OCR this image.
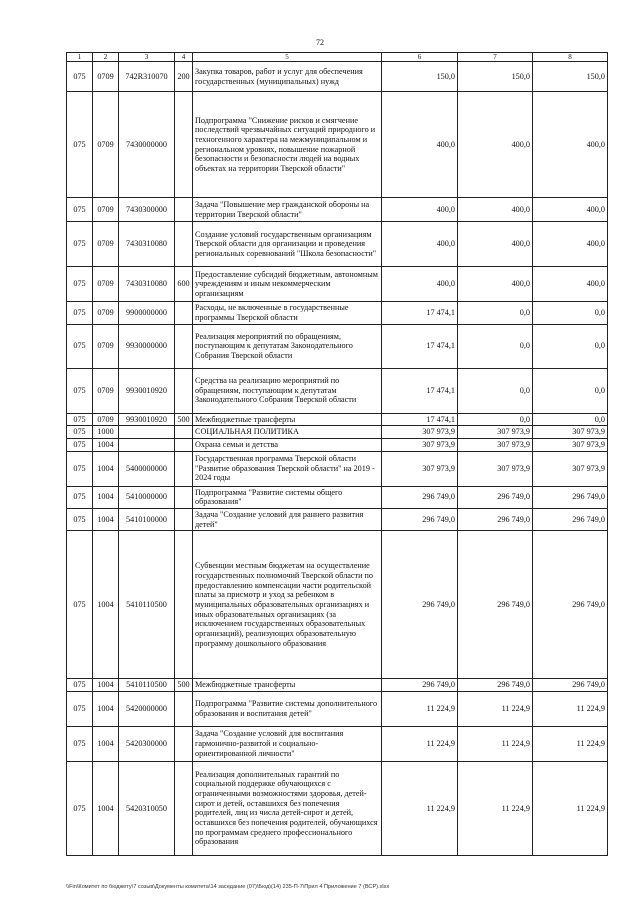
72
1	2	3	4	5	6	7	8
075	0709	742R310070	200	Закупка товаров, работ и услуг для обеспечения государственных (муниципальных) нужд	150,0	150,0	150,0
075	0709	7430000000		Подпрограмма "Снижение рисков и смягчение последствий чрезвычайных ситуаций природного и техногенного характера на межмуниципальном и региональном уровнях, повышение пожарной безопасности и безопасности людей на водных объектах на территории Тверской области"	400,0	400,0	400,0
075	0709	7430300000		Задача "Повышение мер гражданской обороны на территории Тверской области"	400,0	400,0	400,0
075	0709	7430310080		Создание условий государственным организациям Тверской области для организации и проведения региональных соревнований "Школа безопасности"	400,0	400,0	400,0
075	0709	7430310080	600	Предоставление субсидий бюджетным, автономным учреждениям и иным некоммерческим организациям	400,0	400,0	400,0
075	0709	9900000000		Расходы, не включенные в государственные программы Тверской области	17 474,1	0,0	0,0
075	0709	9930000000		Реализация мероприятий по обращениям, поступающим к депутатам Законодательного Собрания Тверской области	17 474,1	0,0	0,0
075	0709	9930010920		Средства на реализацию мероприятий по обращениям, поступающим к депутатам Законодательного Собрания Тверской области	17 474,1	0,0	0,0
075	0709	9930010920	500	Межбюджетные трансферты	17 474,1	0,0	0,0
075	1000			СОЦИАЛЬНАЯ ПОЛИТИКА	307 973,9	307 973,9	307 973,9
075	1004			Охрана семьи и детства	307 973,9	307 973,9	307 973,9
075	1004	5400000000		Государственная программа Тверской области "Развитие образования Тверской области" на 2019 - 2024 годы	307 973,9	307 973,9	307 973,9
075	1004	5410000000		Подпрограмма "Развитие системы общего образования"	296 749,0	296 749,0	296 749,0
075	1004	5410100000		Задача "Создание условий для раннего развития детей"	296 749,0	296 749,0	296 749,0
075	1004	5410110500		Субвенции местным бюджетам на осуществление государственных полномочий Тверской области по предоставлению компенсации части родительской платы за присмотр и уход за ребенком в муниципальных образовательных организациях и иных образовательных организациях (за исключением государственных образовательных организаций), реализующих образовательную программу дошкольного образования	296 749,0	296 749,0	296 749,0
075	1004	5410110500	500	Межбюджетные трансферты	296 749,0	296 749,0	296 749,0
075	1004	5420000000		Подпрограмма "Развитие системы дополнительного образования и воспитания детей"	11 224,9	11 224,9	11 224,9
075	1004	5420300000		Задача "Создание условий для воспитания гармонично-развитой и социально-ориентированной личности"	11 224,9	11 224,9	11 224,9
075	1004	5420310050		Реализация дополнительных гарантий по социальной поддержке обучающихся с ограниченными возможностями здоровья, детей-сирот и детей, оставшихся без попечения родителей, лиц из числа детей-сирот и детей, оставшихся без попечения родителей, обучающихся по программам среднего профессионального образования	11 224,9	11 224,9	11 224,9
\\Fin\Комитет по бюджету\7 созыв\Документы комитета\14 заседание (07)\Бюд\(14) 235-П-7\Прил 4 Приложение 7 (ВСР).xlsx
